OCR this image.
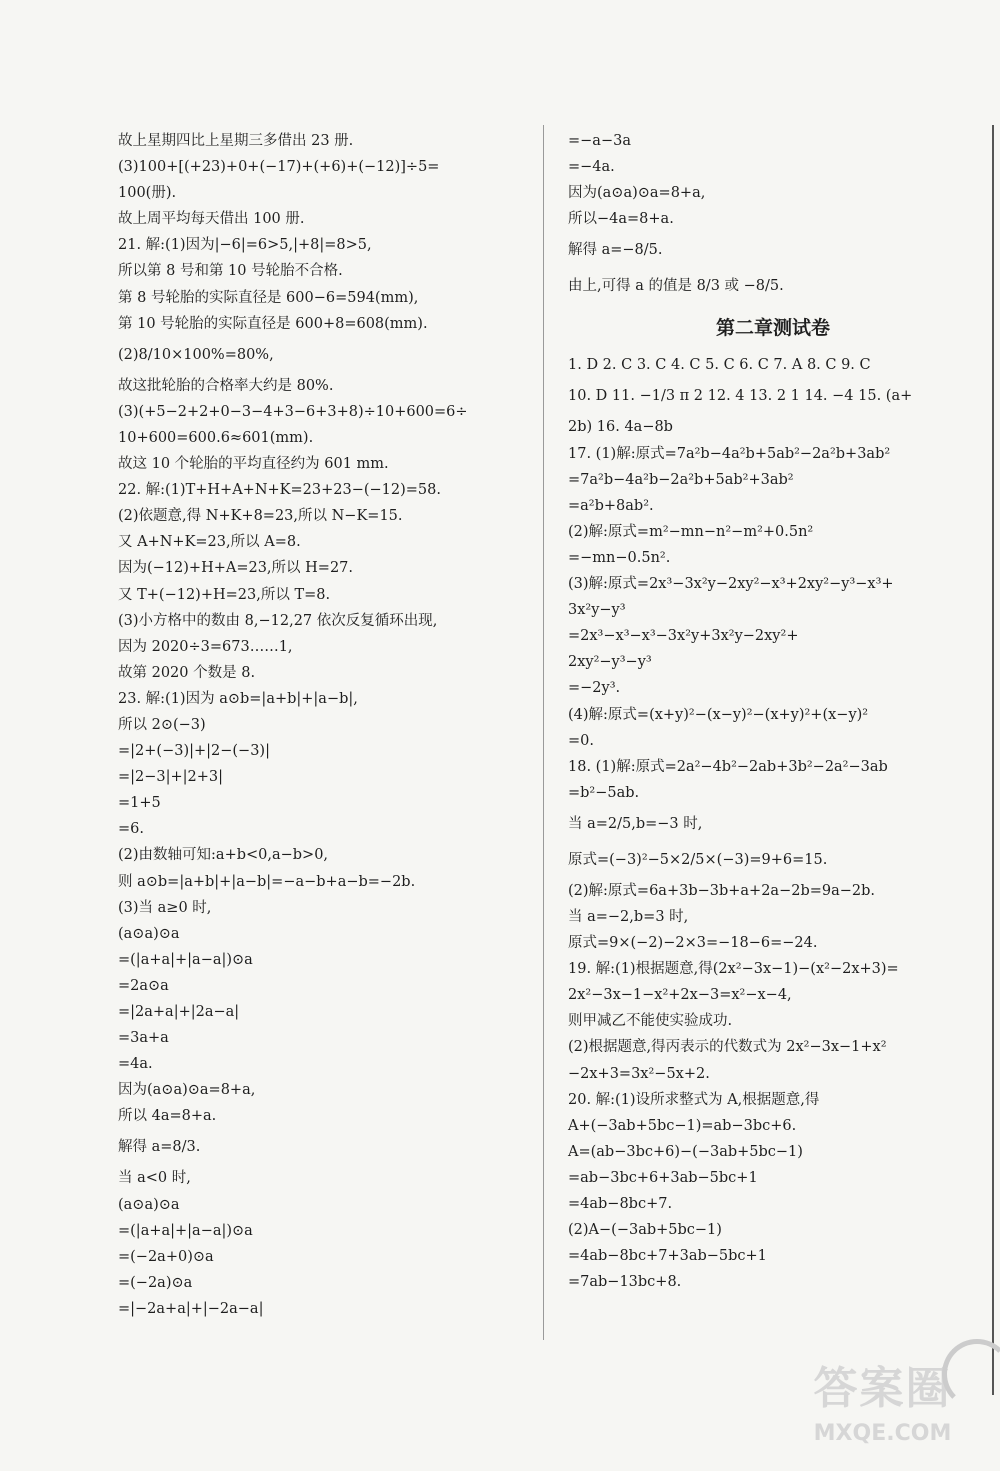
故上星期四比上星期三多借出 23 册.
(3)100+[(+23)+0+(−17)+(+6)+(−12)]÷5=
100(册).
故上周平均每天借出 100 册.
21. 解:(1)因为|−6|=6>5,|+8|=8>5,
所以第 8 号和第 10 号轮胎不合格.
第 8 号轮胎的实际直径是 600−6=594(mm),
第 10 号轮胎的实际直径是 600+8=608(mm).
(2)8/10×100%=80%,
故这批轮胎的合格率大约是 80%.
(3)(+5−2+2+0−3−4+3−6+3+8)÷10+600=6÷
10+600=600.6≈601(mm).
故这 10 个轮胎的平均直径约为 601 mm.
22. 解:(1)T+H+A+N+K=23+23−(−12)=58.
(2)依题意,得 N+K+8=23,所以 N−K=15.
又 A+N+K=23,所以 A=8.
因为(−12)+H+A=23,所以 H=27.
又 T+(−12)+H=23,所以 T=8.
(3)小方格中的数由 8,−12,27 依次反复循环出现,
因为 2020÷3=673……1,
故第 2020 个数是 8.
23. 解:(1)因为 a⊙b=|a+b|+|a−b|,
所以 2⊙(−3)
=|2+(−3)|+|2−(−3)|
=|2−3|+|2+3|
=1+5
=6.
(2)由数轴可知:a+b<0,a−b>0,
则 a⊙b=|a+b|+|a−b|=−a−b+a−b=−2b.
(3)当 a≥0 时,
(a⊙a)⊙a
=(|a+a|+|a−a|)⊙a
=2a⊙a
=|2a+a|+|2a−a|
=3a+a
=4a.
因为(a⊙a)⊙a=8+a,
所以 4a=8+a.
解得 a=8/3.
当 a<0 时,
(a⊙a)⊙a
=(|a+a|+|a−a|)⊙a
=(−2a+0)⊙a
=(−2a)⊙a
=|−2a+a|+|−2a−a|
=−a−3a
=−4a.
因为(a⊙a)⊙a=8+a,
所以−4a=8+a.
解得 a=−8/5.
由上,可得 a 的值是 8/3 或 −8/5.
第二章测试卷
1. D 2. C 3. C 4. C 5. C 6. C 7. A 8. C 9. C
10. D 11. −1/3 π 2 12. 4 13. 2 1 14. −4 15. (a+
2b) 16. 4a−8b
17. (1)解:原式=7a²b−4a²b+5ab²−2a²b+3ab²
=7a²b−4a²b−2a²b+5ab²+3ab²
=a²b+8ab².
(2)解:原式=m²−mn−n²−m²+0.5n²
=−mn−0.5n².
(3)解:原式=2x³−3x²y−2xy²−x³+2xy²−y³−x³+
3x²y−y³
=2x³−x³−x³−3x²y+3x²y−2xy²+
2xy²−y³−y³
=−2y³.
(4)解:原式=(x+y)²−(x−y)²−(x+y)²+(x−y)²
=0.
18. (1)解:原式=2a²−4b²−2ab+3b²−2a²−3ab
=b²−5ab.
当 a=2/5,b=−3 时,
原式=(−3)²−5×2/5×(−3)=9+6=15.
(2)解:原式=6a+3b−3b+a+2a−2b=9a−2b.
当 a=−2,b=3 时,
原式=9×(−2)−2×3=−18−6=−24.
19. 解:(1)根据题意,得(2x²−3x−1)−(x²−2x+3)=
2x²−3x−1−x²+2x−3=x²−x−4,
则甲减乙不能使实验成功.
(2)根据题意,得丙表示的代数式为 2x²−3x−1+x²
−2x+3=3x²−5x+2.
20. 解:(1)设所求整式为 A,根据题意,得
A+(−3ab+5bc−1)=ab−3bc+6.
A=(ab−3bc+6)−(−3ab+5bc−1)
=ab−3bc+6+3ab−5bc+1
=4ab−8bc+7.
(2)A−(−3ab+5bc−1)
=4ab−8bc+7+3ab−5bc+1
=7ab−13bc+8.
答案圈
MXQE.COM
